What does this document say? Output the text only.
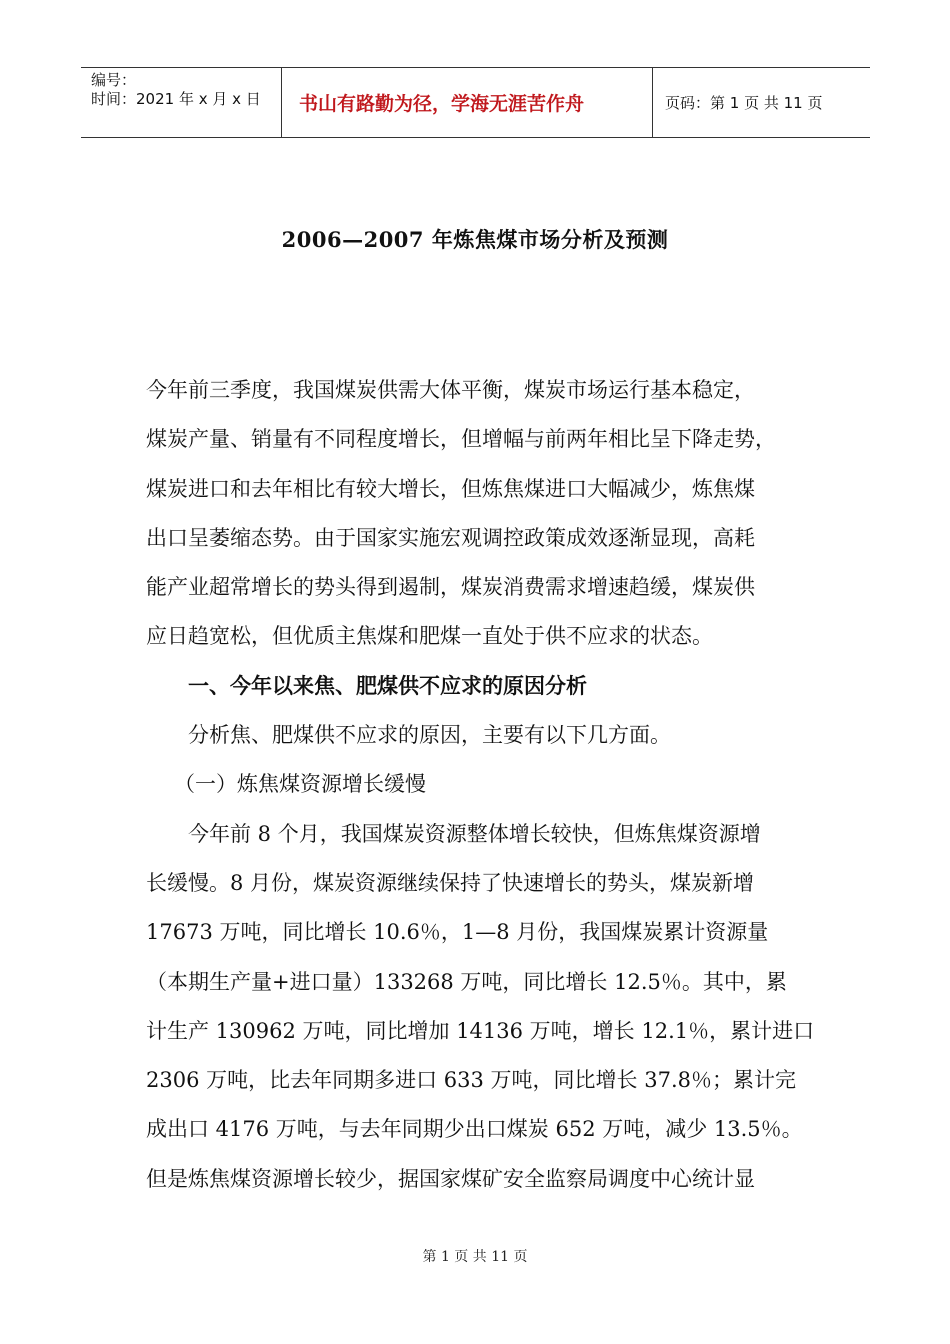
编号：
时间：2021 年 x 月 x 日	书山有路勤为径，学海无涯苦作舟	页码：第 1 页 共 11 页
2006—2007 年炼焦煤市场分析及预测
今年前三季度，我国煤炭供需大体平衡，煤炭市场运行基本稳定，
煤炭产量、销量有不同程度增长，但增幅与前两年相比呈下降走势，
煤炭进口和去年相比有较大增长，但炼焦煤进口大幅减少，炼焦煤
出口呈萎缩态势。由于国家实施宏观调控政策成效逐渐显现，高耗
能产业超常增长的势头得到遏制，煤炭消费需求增速趋缓，煤炭供
应日趋宽松，但优质主焦煤和肥煤一直处于供不应求的状态。
一、今年以来焦、肥煤供不应求的原因分析
分析焦、肥煤供不应求的原因，主要有以下几方面。
（一）炼焦煤资源增长缓慢
今年前 8 个月，我国煤炭资源整体增长较快，但炼焦煤资源增
长缓慢。8 月份，煤炭资源继续保持了快速增长的势头，煤炭新增
17673 万吨，同比增长 10.6％，1—8 月份，我国煤炭累计资源量
（本期生产量+进口量）133268 万吨，同比增长 12.5％。其中，累
计生产 130962 万吨，同比增加 14136 万吨，增长 12.1％，累计进口
2306 万吨，比去年同期多进口 633 万吨，同比增长 37.8％；累计完
成出口 4176 万吨，与去年同期少出口煤炭 652 万吨，减少 13.5％。
但是炼焦煤资源增长较少，据国家煤矿安全监察局调度中心统计显
第 1 页 共 11 页
